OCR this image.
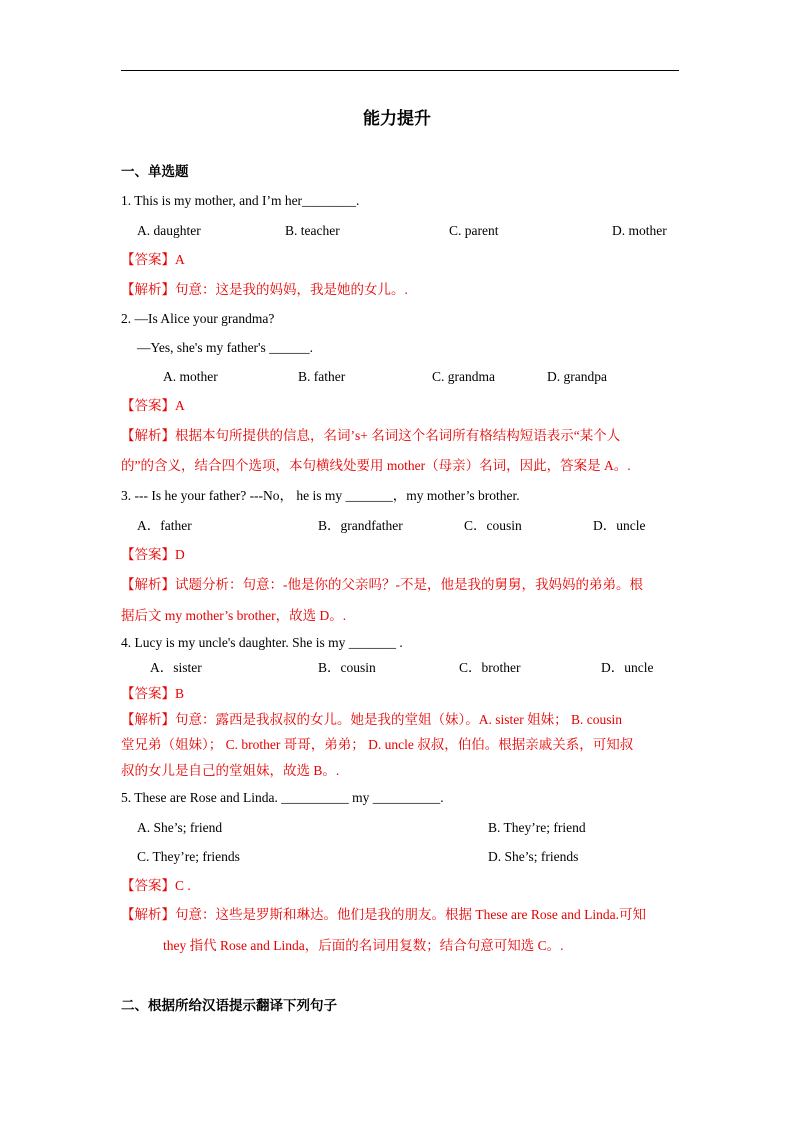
能力提升
一、单选题
1. This is my mother, and I’m her________.
A. daughter	B. teacher	C. parent	D. mother
【答案】A
【解析】句意：这是我的妈妈，我是她的女儿。.
2. —Is Alice your grandma?
—Yes, she's my father's ______.
A. mother	B. father	C. grandma	D. grandpa
【答案】A
【解析】根据本句所提供的信息，名词’s+ 名词这个名词所有格结构短语表示“某个人
的”的含义，结合四个选项，本句横线处要用 mother（母亲）名词，因此，答案是 A。.
3. --- Is he your father? ---No， he is my _______，my mother’s brother.
A．father	B．grandfather	C．cousin	D．uncle
【答案】D
【解析】试题分析：句意：-他是你的父亲吗？-不是，他是我的舅舅，我妈妈的弟弟。根
据后文 my mother’s brother，故选 D。.
4. Lucy is my uncle's daughter. She is my _______ .
A．sister	B．cousin	C．brother	D．uncle
【答案】B
【解析】句意：露西是我叔叔的女儿。她是我的堂姐（妹）。A. sister 姐妹； B. cousin
堂兄弟（姐妹）； C. brother 哥哥，弟弟； D. uncle 叔叔，伯伯。根据亲戚关系，可知叔
叔的女儿是自己的堂姐妹，故选 B。.
5. These are Rose and Linda. __________ my __________.
A. She’s; friend	B. They’re; friend
C. They’re; friends	D. She’s; friends
【答案】C .
【解析】句意：这些是罗斯和琳达。他们是我的朋友。根据 These are Rose and Linda.可知
they 指代 Rose and Linda，后面的名词用复数；结合句意可知选 C。.
二、根据所给汉语提示翻译下列句子
